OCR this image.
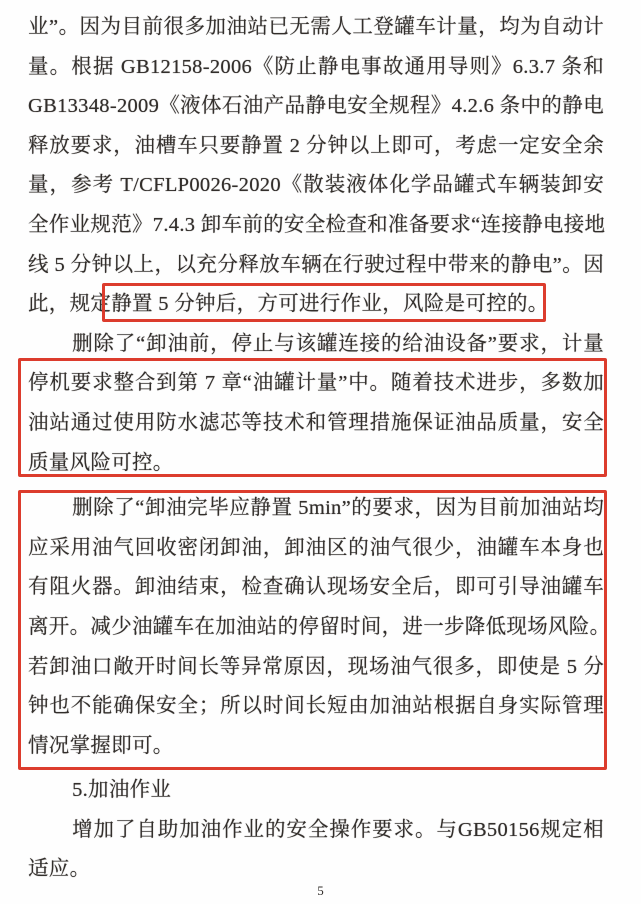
业”。因为目前很多加油站已无需人工登罐车计量，均为自动计
量。根据 GB12158-2006《防止静电事故通用导则》6.3.7 条和
GB13348-2009《液体石油产品静电安全规程》4.2.6 条中的静电
释放要求，油槽车只要静置 2 分钟以上即可，考虑一定安全余
量，参考 T/CFLP0026-2020《散装液体化学品罐式车辆装卸安
全作业规范》7.4.3 卸车前的安全检查和准备要求“连接静电接地
线 5 分钟以上，以充分释放车辆在行驶过程中带来的静电”。因
此，规定静置 5 分钟后，方可进行作业，风险是可控的。
删除了“卸油前，停止与该罐连接的给油设备”要求，计量
停机要求整合到第 7 章“油罐计量”中。随着技术进步，多数加
油站通过使用防水滤芯等技术和管理措施保证油品质量，安全
质量风险可控。
删除了“卸油完毕应静置 5min”的要求，因为目前加油站均
应采用油气回收密闭卸油，卸油区的油气很少，油罐车本身也
有阻火器。卸油结束，检查确认现场安全后，即可引导油罐车
离开。减少油罐车在加油站的停留时间，进一步降低现场风险。
若卸油口敞开时间长等异常原因，现场油气很多，即使是 5 分
钟也不能确保安全；所以时间长短由加油站根据自身实际管理
情况掌握即可。
5.加油作业
增加了自助加油作业的安全操作要求。与GB50156规定相
适应。
5
